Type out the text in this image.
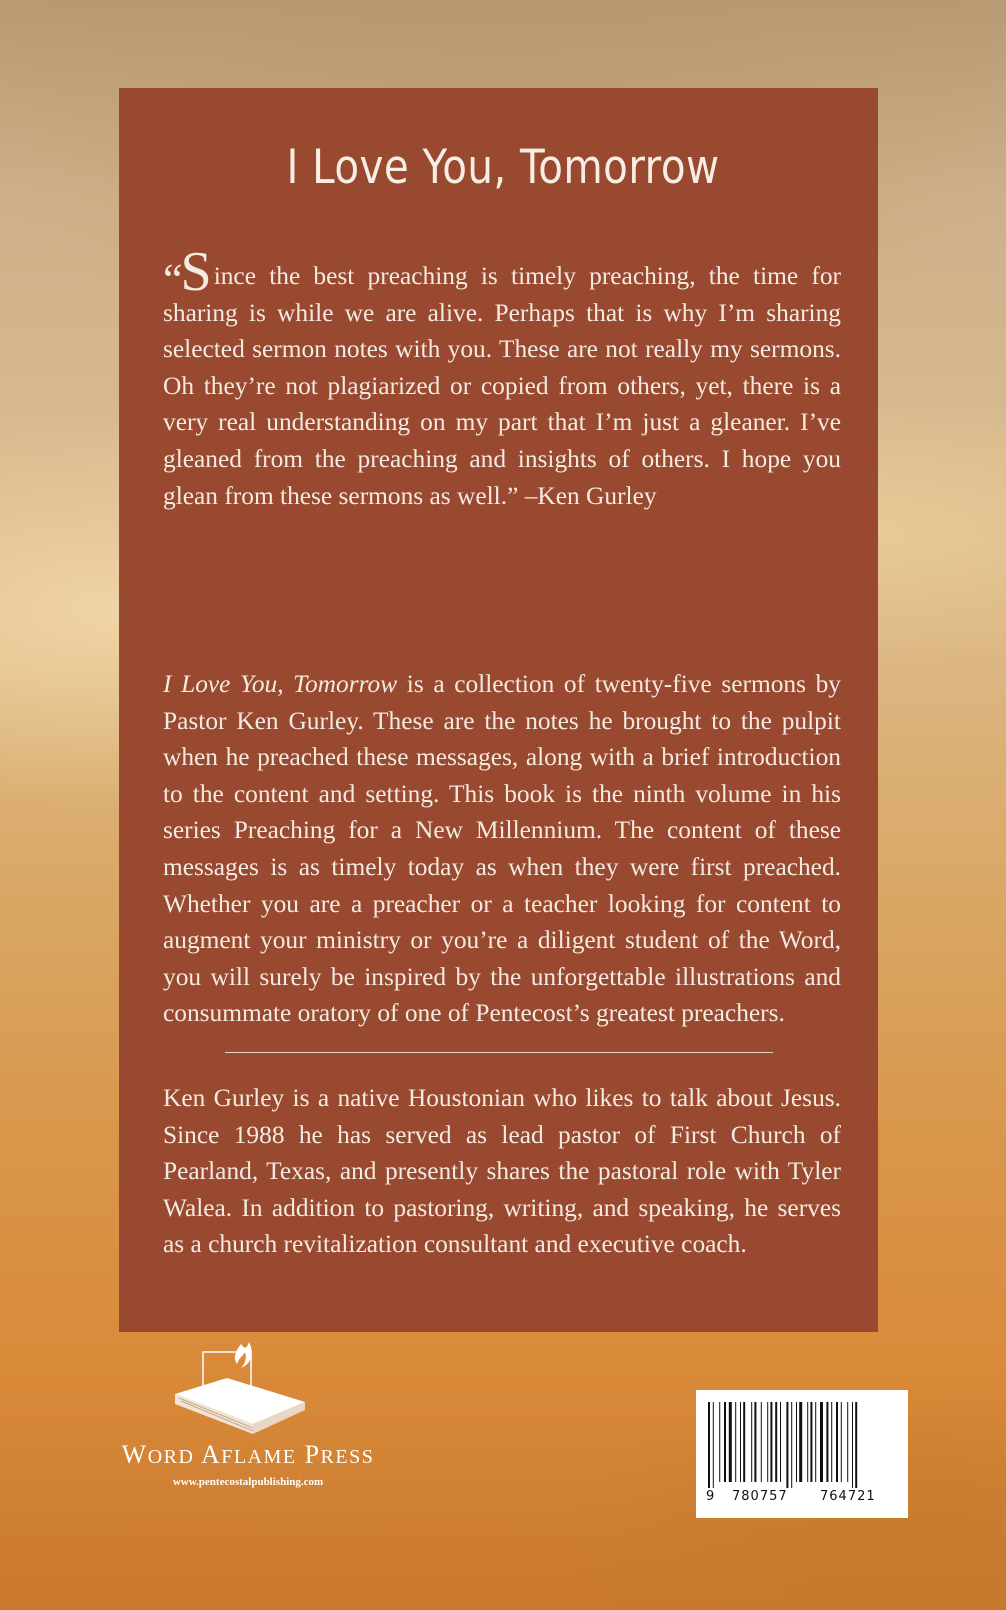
I Love You, Tomorrow

“Since the best preaching is timely preaching, the time for sharing is while we are alive. Perhaps that is why I’m sharing selected sermon notes with you. These are not really my sermons. Oh they’re not plagiarized or copied from others, yet, there is a very real understanding on my part that I’m just a gleaner. I’ve gleaned from the preaching and insights of others. I hope you glean from these sermons as well.” –Ken Gurley

I Love You, Tomorrow is a collection of twenty-five sermons by Pastor Ken Gurley. These are the notes he brought to the pulpit when he preached these messages, along with a brief introduction to the content and setting. This book is the ninth volume in his series Preaching for a New Millennium. The content of these messages is as timely today as when they were first preached. Whether you are a preacher or a teacher looking for content to augment your ministry or you’re a diligent student of the Word, you will surely be inspired by the unforgettable illustrations and consummate oratory of one of Pentecost’s greatest preachers.

Ken Gurley is a native Houstonian who likes to talk about Jesus. Since 1988 he has served as lead pastor of First Church of Pearland, Texas, and presently shares the pastoral role with Tyler Walea. In addition to pastoring, writing, and speaking, he serves as a church revitalization consultant and executive coach.

WORD AFLAME PRESS
www.pentecostalpublishing.com
9 780757 764721
